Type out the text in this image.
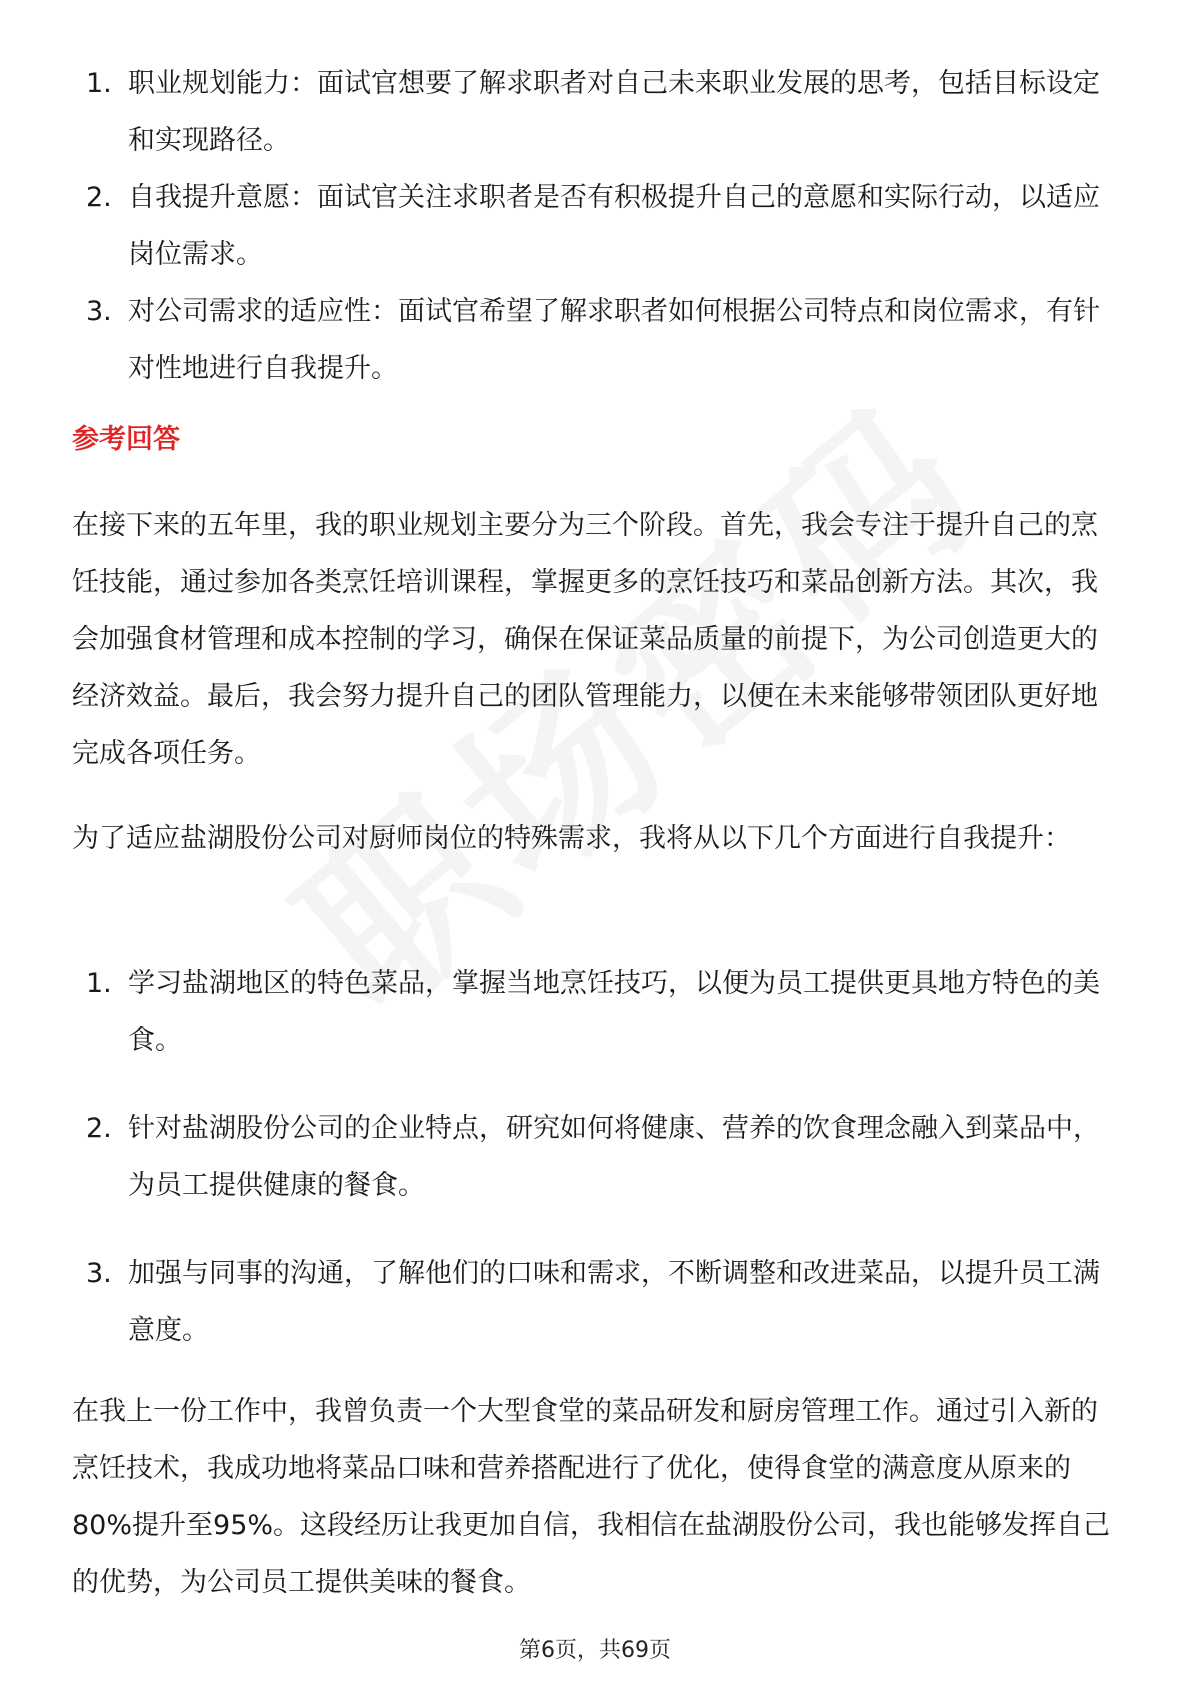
1. 职业规划能力：面试官想要了解求职者对自己未来职业发展的思考，包括目标设定和实现路径。
2. 自我提升意愿：面试官关注求职者是否有积极提升自己的意愿和实际行动，以适应岗位需求。
3. 对公司需求的适应性：面试官希望了解求职者如何根据公司特点和岗位需求，有针对性地进行自我提升。
参考回答

在接下来的五年里，我的职业规划主要分为三个阶段。首先，我会专注于提升自己的烹饪技能，通过参加各类烹饪培训课程，掌握更多的烹饪技巧和菜品创新方法。其次，我会加强食材管理和成本控制的学习，确保在保证菜品质量的前提下，为公司创造更大的经济效益。最后，我会努力提升自己的团队管理能力，以便在未来能够带领团队更好地完成各项任务。

为了适应盐湖股份公司对厨师岗位的特殊需求，我将从以下几个方面进行自我提升：

1. 学习盐湖地区的特色菜品，掌握当地烹饪技巧，以便为员工提供更具地方特色的美食。
2. 针对盐湖股份公司的企业特点，研究如何将健康、营养的饮食理念融入到菜品中，为员工提供健康的餐食。
3. 加强与同事的沟通，了解他们的口味和需求，不断调整和改进菜品，以提升员工满意度。

在我上一份工作中，我曾负责一个大型食堂的菜品研发和厨房管理工作。通过引入新的烹饪技术，我成功地将菜品口味和营养搭配进行了优化，使得食堂的满意度从原来的80%提升至95%。这段经历让我更加自信，我相信在盐湖股份公司，我也能够发挥自己的优势，为公司员工提供美味的餐食。

第6页，共69页
